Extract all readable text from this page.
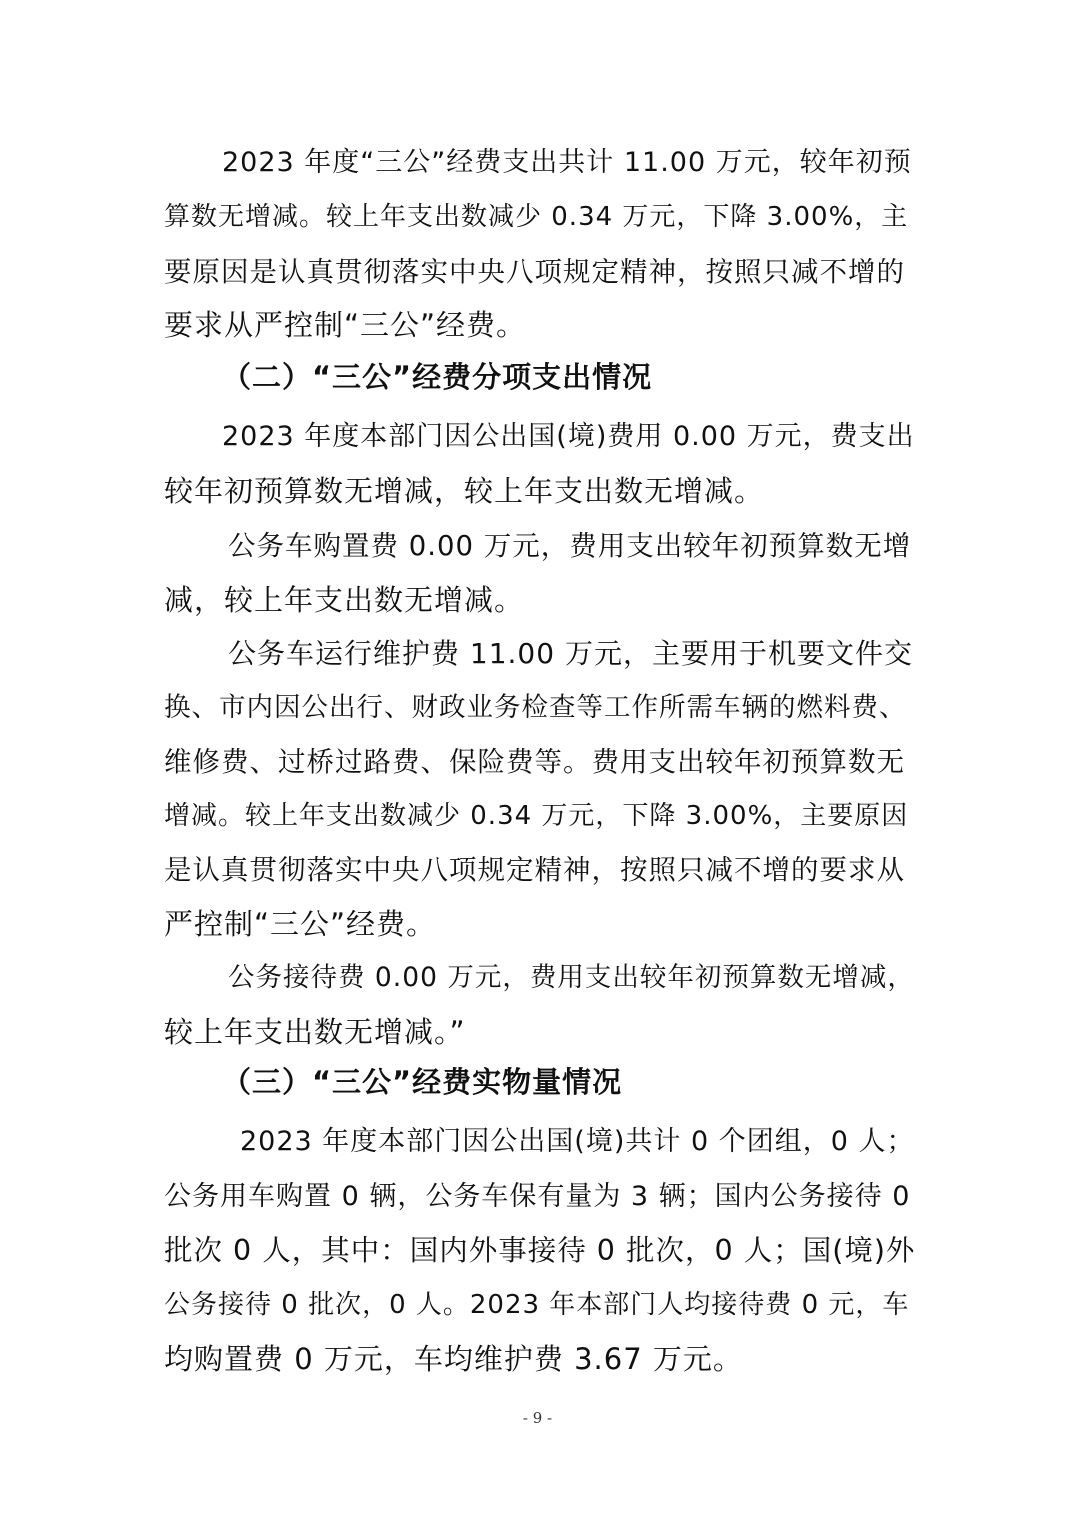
2023 年度“三公”经费支出共计 11.00 万元，较年初预

算数无增减。较上年支出数减少 0.34 万元，下降 3.00%，主

要原因是认真贯彻落实中央八项规定精神，按照只减不增的

要求从严控制“三公”经费。

（二）“三公”经费分项支出情况

2023 年度本部门因公出国(境)费用 0.00 万元，费支出

较年初预算数无增减，较上年支出数无增减。

公务车购置费 0.00 万元，费用支出较年初预算数无增

减，较上年支出数无增减。

公务车运行维护费 11.00 万元，主要用于机要文件交

换、市内因公出行、财政业务检查等工作所需车辆的燃料费、

维修费、过桥过路费、保险费等。费用支出较年初预算数无

增减。较上年支出数减少 0.34 万元，下降 3.00%，主要原因

是认真贯彻落实中央八项规定精神，按照只减不增的要求从

严控制“三公”经费。

公务接待费 0.00 万元，费用支出较年初预算数无增减，

较上年支出数无增减。”

（三）“三公”经费实物量情况

2023 年度本部门因公出国(境)共计 0 个团组，0 人；

公务用车购置 0 辆，公务车保有量为 3 辆；国内公务接待 0

批次 0 人，其中：国内外事接待 0 批次，0 人；国(境)外

公务接待 0 批次，0 人。2023 年本部门人均接待费 0 元，车

均购置费 0 万元，车均维护费 3.67 万元。

- 9 -
